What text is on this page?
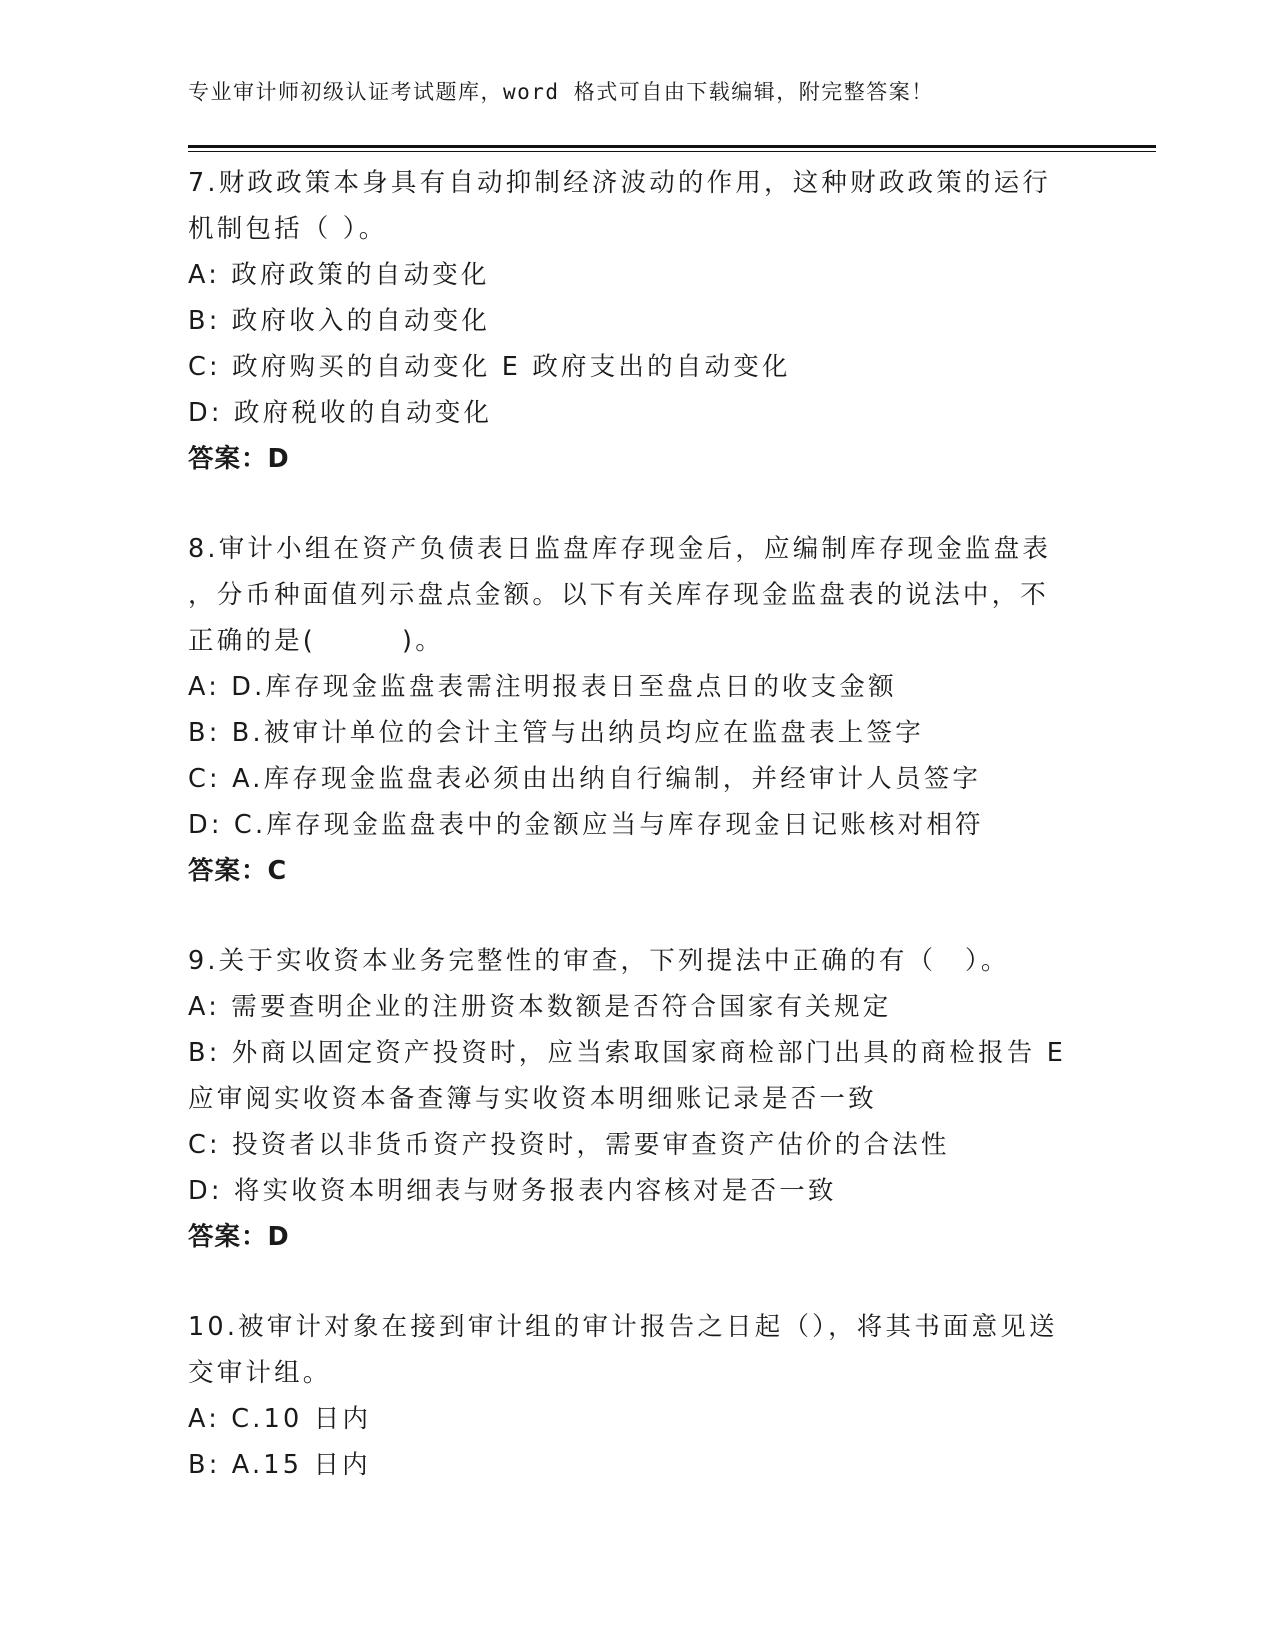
专业审计师初级认证考试题库，word 格式可自由下载编辑，附完整答案！
7.财政政策本身具有自动抑制经济波动的作用，这种财政政策的运行
机制包括（ ）。
A: 政府政策的自动变化
B: 政府收入的自动变化
C: 政府购买的自动变化 E 政府支出的自动变化
D: 政府税收的自动变化
答案：D
8.审计小组在资产负债表日监盘库存现金后，应编制库存现金监盘表
，分币种面值列示盘点金额。以下有关库存现金监盘表的说法中，不
正确的是(　　　)。
A: D.库存现金监盘表需注明报表日至盘点日的收支金额
B: B.被审计单位的会计主管与出纳员均应在监盘表上签字
C: A.库存现金监盘表必须由出纳自行编制，并经审计人员签字
D: C.库存现金监盘表中的金额应当与库存现金日记账核对相符
答案：C
9.关于实收资本业务完整性的审查，下列提法中正确的有（　）。
A: 需要查明企业的注册资本数额是否符合国家有关规定
B: 外商以固定资产投资时，应当索取国家商检部门出具的商检报告 E
应审阅实收资本备查簿与实收资本明细账记录是否一致
C: 投资者以非货币资产投资时，需要审查资产估价的合法性
D: 将实收资本明细表与财务报表内容核对是否一致
答案：D
10.被审计对象在接到审计组的审计报告之日起（），将其书面意见送
交审计组。
A: C.10 日内
B: A.15 日内
